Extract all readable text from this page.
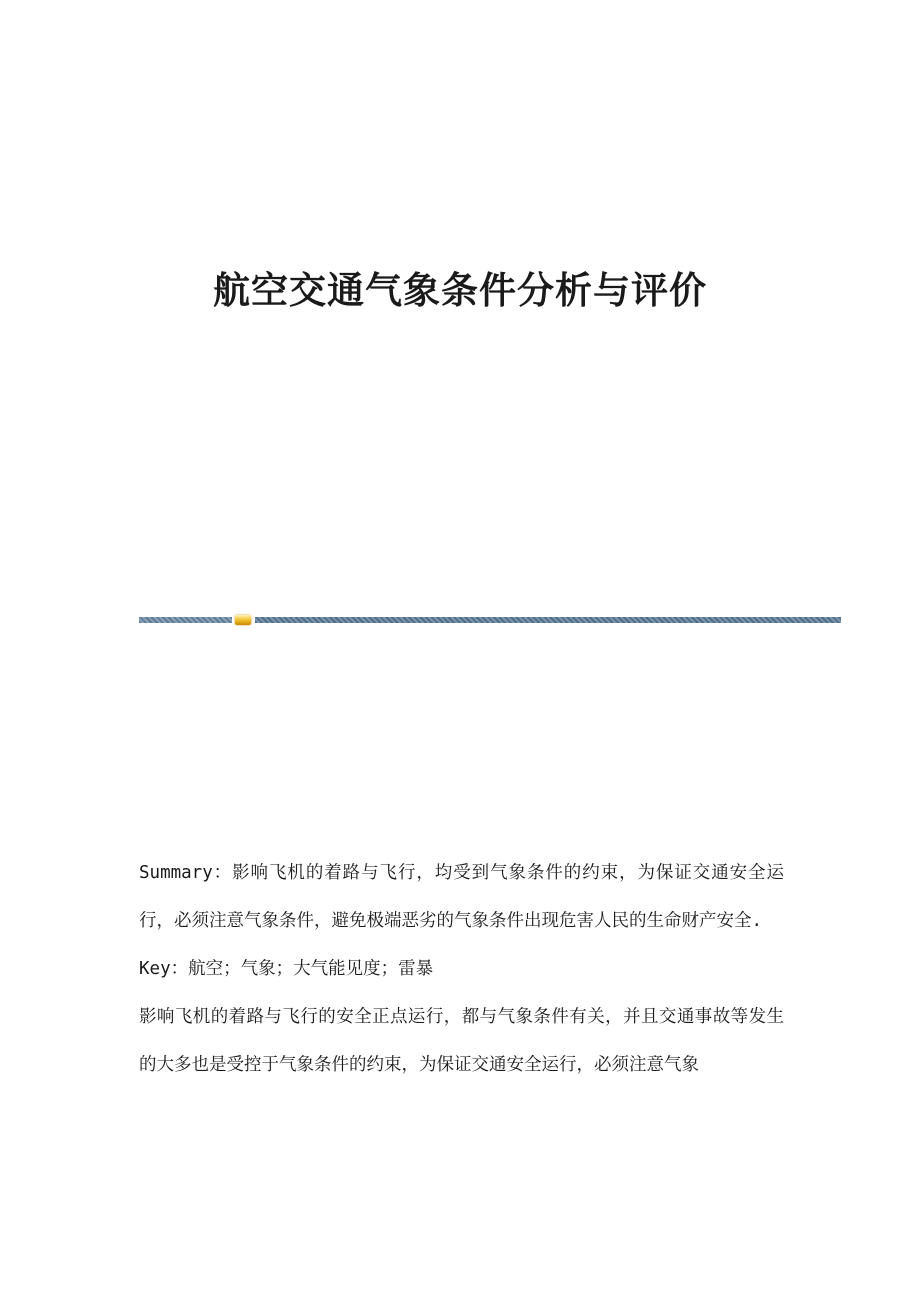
航空交通气象条件分析与评价

Summary：影响飞机的着路与飞行，均受到气象条件的约束，为保证交通安全运行，必须注意气象条件，避免极端恶劣的气象条件出现危害人民的生命财产安全.

Key：航空；气象；大气能见度；雷暴

影响飞机的着路与飞行的安全正点运行，都与气象条件有关，并且交通事故等发生的大多也是受控于气象条件的约束，为保证交通安全运行，必须注意气象
